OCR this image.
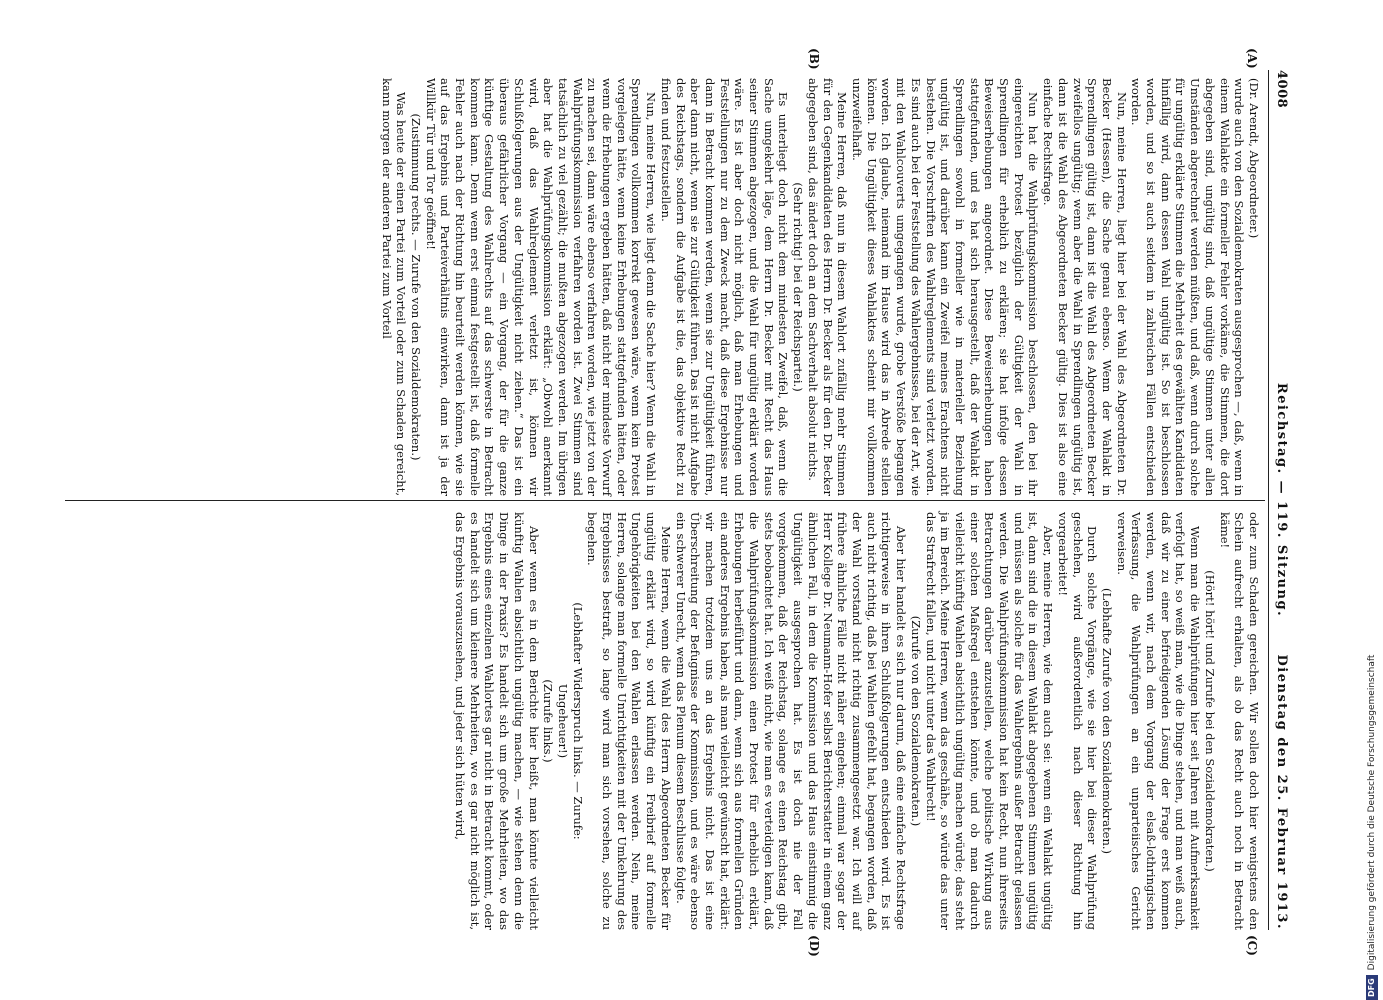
4008
Reichstag. — 119. Sitzung.
Dienstag den 25. Februar 1913.
(A)
(B)
(C)
(D)

(Dr. Arendt, Abgeordneter.)

wurde auch von den Sozialdemokraten ausgesprochen —, daß, wenn in einem Wahlakte ein formeller Fehler vorkäme, die Stimmen, die dort abgegeben sind, ungültig sind, daß ungültige Stimmen unter allen Umständen abgerechnet werden müßten, und daß, wenn durch solche für ungültig erklärte Stimmen die Mehrheit des gewählten Kandidaten hinfällig wird, dann dessen Wahl ungültig ist. So ist beschlossen worden, und so ist auch seitdem in zahlreichen Fällen entschieden worden.

Nun, meine Herren, liegt hier bei der Wahl des Abgeordneten Dr. Becker (Hessen), die Sache genau ebenso. Wenn der Wahlakt in Sprendlingen gültig ist, dann ist die Wahl des Abgeordneten Becker zweifellos ungültig; wenn aber die Wahl in Sprendlingen ungültig ist, dann ist die Wahl des Abgeordneten Becker gültig. Dies ist also eine einfache Rechtsfrage.

Nun hat die Wahlprüfungskommission beschlossen, den bei ihr eingereichten Protest bezüglich der Gültigkeit der Wahl in Sprendlingen für erheblich zu erklären; sie hat infolge dessen Beweiserhebungen angeordnet. Diese Beweiserhebungen haben stattgefunden, und es hat sich herausgestellt, daß der Wahlakt in Sprendlingen sowohl in formeller wie in materieller Beziehung ungültig ist, und darüber kann ein Zweifel meines Erachtens nicht bestehen. Die Vorschriften des Wahlreglements sind verletzt worden. Es sind auch bei der Feststellung des Wahlergebnisses, bei der Art, wie mit den Wahlcouverts umgegangen wurde, grobe Verstöße begangen worden. Ich glaube, niemand im Hause wird das in Abrede stellen können. Die Ungültigkeit dieses Wahlaktes scheint mir vollkommen unzweifelhaft.

Meine Herren, daß nun in diesem Wahlort zufällig mehr Stimmen für den Gegenkandidaten des Herrn Dr. Becker als für den Dr. Becker abgegeben sind, das ändert doch an dem Sachverhalt absolut nichts.

(Sehr richtig! bei der Reichspartei.)

Es unterliegt doch nicht dem mindesten Zweifel, daß, wenn die Sache umgekehrt läge, dem Herrn Dr. Becker mit Recht das Haus seiner Stimmen abgezogen, und die Wahl für ungültig erklärt worden wäre. Es ist aber doch nicht möglich, daß man Erhebungen und Feststellungen nur zu dem Zweck macht, daß diese Ergebnisse nur dann in Betracht kommen werden, wenn sie zur Ungültigkeit führen, aber dann nicht, wenn sie zur Gültigkeit führen. Das ist nicht Aufgabe des Reichstags, sondern die Aufgabe ist die, das objektive Recht zu finden und festzustellen.

Nun, meine Herren, wie liegt denn die Sache hier? Wenn die Wahl in Sprendlingen vollkommen korrekt gewesen wäre, wenn kein Protest vorgelegen hätte, wenn keine Erhebungen stattgefunden hätten, oder wenn die Erhebungen ergeben hätten, daß nicht der mindeste Vorwurf zu machen sei, dann wäre ebenso verfahren worden, wie jetzt von der Wahlprüfungskommission verfahren worden ist. Zwei Stimmen sind tatsächlich zu viel gezählt; die mußten abgezogen werden. Im übrigen aber hat die Wahlprüfungskommission erklärt: „Obwohl anerkannt wird, daß das Wahlreglement verletzt ist, können wir Schlußfolgerungen aus der Ungültigkeit nicht ziehen.“ Das ist ein überaus gefährlicher Vorgang — ein Vorgang, der für die ganze künftige Gestaltung des Wahlrechts auf das schwerste in Betracht kommen kann. Denn wenn erst einmal festgestellt ist, daß formelle Fehler auch nach der Richtung hin beurteilt werden können, wie sie auf das Ergebnis und Parteiverhältnis einwirken, dann ist ja der Willkür Tür und Tor geöffnet!

(Zustimmung rechts. — Zurufe von den Sozialdemokraten.)

Was heute der einen Partei zum Vorteil oder zum Schaden gereicht, kann morgen der anderen Partei zum Vorteil

oder zum Schaden gereichen. Wir sollen doch hier wenigstens den Schein aufrecht erhalten, als ob das Recht auch noch in Betracht käme!

(Hört! hört! und Zurufe bei den Sozialdemokraten.)

Wenn man die Wahlprüfungen hier seit Jahren mit Aufmerksamkeit verfolgt hat, so weiß man, wie die Dinge stehen, und man weiß auch, daß wir zu einer befriedigenden Lösung der Frage erst kommen werden, wenn wir, nach dem Vorgang der elsaß-lothringischen Verfassung, die Wahlprüfungen an ein unparteiisches Gericht verweisen.

(Lebhafte Zurufe von den Sozialdemokraten.)

Durch solche Vorgänge, wie sie hier bei dieser Wahlprüfung geschehen, wird außerordentlich nach dieser Richtung hin vorgearbeitet!

Aber, meine Herren, wie dem auch sei: wenn ein Wahlakt ungültig ist, dann sind die in diesem Wahlakt abgegebenen Stimmen ungültig und müssen als solche für das Wahlergebnis außer Betracht gelassen werden. Die Wahlprüfungskommission hat kein Recht, nun ihrerseits Betrachtungen darüber anzustellen, welche politische Wirkung aus einer solchen Maßregel entstehen könnte, und ob man dadurch vielleicht künftig Wahlen absichtlich ungültig machen würde; das steht ja im Bereich. Meine Herren, wenn das geschähe, so würde das unter das Strafrecht fallen, und nicht unter das Wahlrecht!

(Zurufe von den Sozialdemokraten.)

Aber hier handelt es sich nur darum, daß eine einfache Rechtsfrage richtigerweise in ihren Schlußfolgerungen entschieden wird. Es ist auch nicht richtig, daß bei Wahlen gefehlt hat, begangen worden, daß der Wahl vorstand nicht richtig zusammengesetzt war. Ich will auf frühere ähnliche Fälle nicht näher eingehen; einmal war sogar der Herr Kollege Dr. Neumann-Hofer selbst Berichterstatter in einem ganz ähnlichen Fall, in dem die Kommission und das Haus einstimmig die Ungültigkeit ausgesprochen hat. Es ist doch nie der Fall vorgekommen, daß der Reichstag, solange es einen Reichstag gibt, stets beobachtet hat. Ich weiß nicht, wie man es verteidigen kann, daß die Wahlprüfungskommission einen Protest für erheblich erklärt, Erhebungen herbeiführt und dann, wenn sich aus formellen Gründen ein anderes Ergebnis haben, als man vielleicht gewünscht hat, erklärt: wir machen trotzdem uns an das Ergebnis nicht. Das ist eine Überschreitung der Befugnisse der Kommission, und es wäre ebenso ein schwerer Unrecht, wenn das Plenum diesem Beschlusse folgte.

Meine Herren, wenn die Wahl des Herrn Abgeordneten Becker für ungültig erklärt wird, so wird künftig ein Freibrief auf formelle Ungehörigkeiten bei den Wahlen erlassen werden. Nein, meine Herren, solange man formelle Unrichtigkeiten mit der Umkehrung des Ergebnisses bestraft, so lange wird man sich vorsehen, solche zu begehen.

(Lebhafter Widerspruch links. — Zurufe:

Ungeheuer!)

(Zurufe links.)

Aber wenn es in dem Berichte hier heißt, man könnte vielleicht künftig Wahlen absichtlich ungültig machen, — wie stehen denn die Dinge in der Praxis? Es handelt sich um große Mehrheiten, wo das Ergebnis eines einzelnen Wahlortes gar nicht in Betracht kommt, oder es handelt sich um kleinere Mehrheiten, wo es gar nicht möglich ist, das Ergebnis vorauszusehen, und jeder sich hüten wird,

DFGDigitalisierung gefördert durch die Deutsche Forschungsgemeinschaft
